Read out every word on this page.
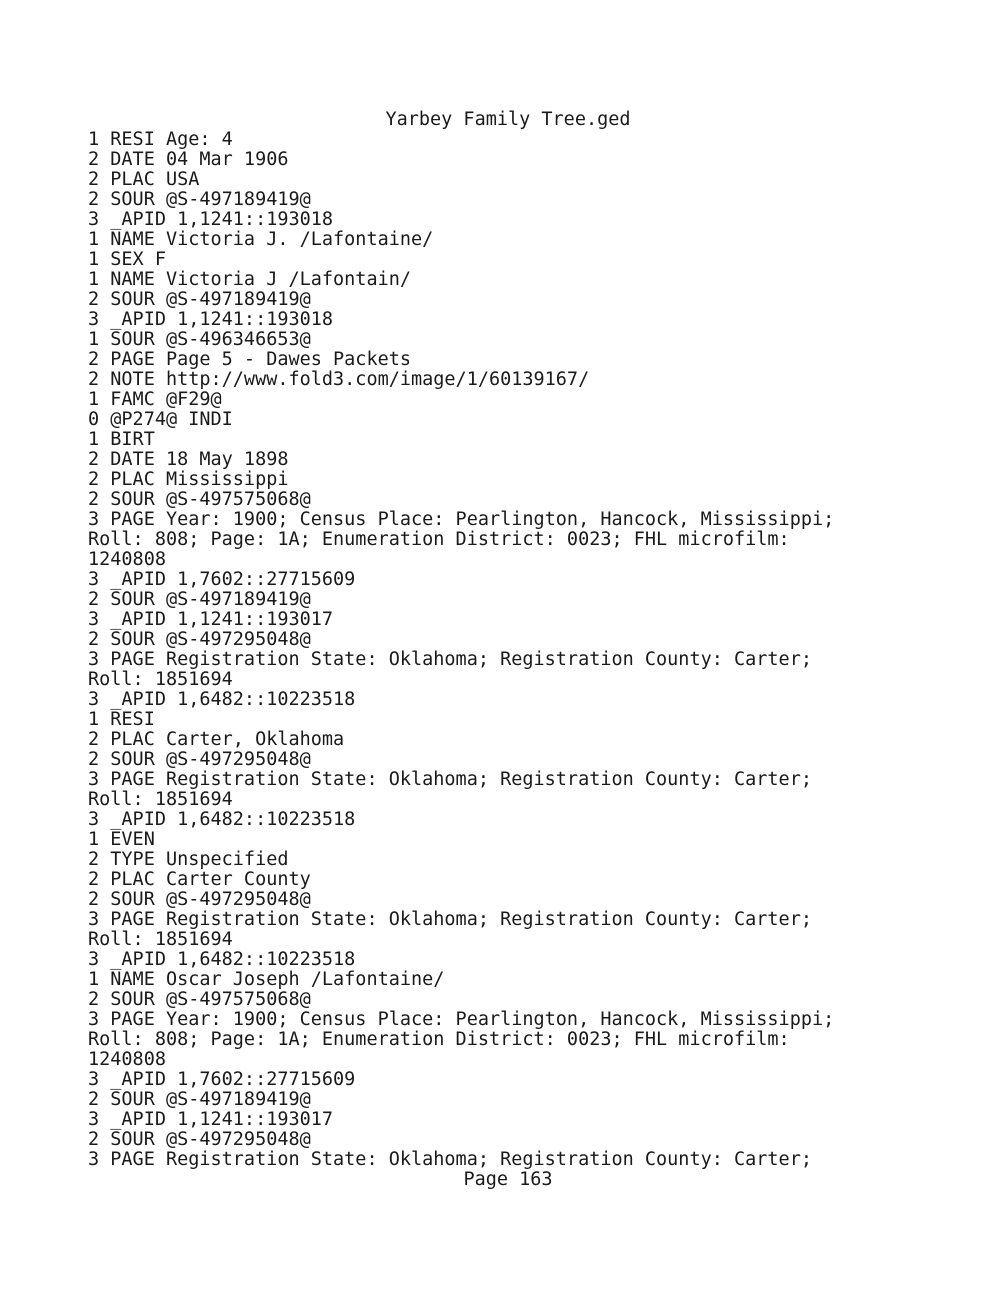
Yarbey Family Tree.ged
1 RESI Age: 4
2 DATE 04 Mar 1906
2 PLAC USA
2 SOUR @S-497189419@
3 _APID 1,1241::193018
1 NAME Victoria J. /Lafontaine/
1 SEX F
1 NAME Victoria J /Lafontain/
2 SOUR @S-497189419@
3 _APID 1,1241::193018
1 SOUR @S-496346653@
2 PAGE Page 5 - Dawes Packets
2 NOTE http://www.fold3.com/image/1/60139167/
1 FAMC @F29@
0 @P274@ INDI
1 BIRT
2 DATE 18 May 1898
2 PLAC Mississippi
2 SOUR @S-497575068@
3 PAGE Year: 1900; Census Place: Pearlington, Hancock, Mississippi;
Roll: 808; Page: 1A; Enumeration District: 0023; FHL microfilm:
1240808
3 _APID 1,7602::27715609
2 SOUR @S-497189419@
3 _APID 1,1241::193017
2 SOUR @S-497295048@
3 PAGE Registration State: Oklahoma; Registration County: Carter;
Roll: 1851694
3 _APID 1,6482::10223518
1 RESI
2 PLAC Carter, Oklahoma
2 SOUR @S-497295048@
3 PAGE Registration State: Oklahoma; Registration County: Carter;
Roll: 1851694
3 _APID 1,6482::10223518
1 EVEN
2 TYPE Unspecified
2 PLAC Carter County
2 SOUR @S-497295048@
3 PAGE Registration State: Oklahoma; Registration County: Carter;
Roll: 1851694
3 _APID 1,6482::10223518
1 NAME Oscar Joseph /Lafontaine/
2 SOUR @S-497575068@
3 PAGE Year: 1900; Census Place: Pearlington, Hancock, Mississippi;
Roll: 808; Page: 1A; Enumeration District: 0023; FHL microfilm:
1240808
3 _APID 1,7602::27715609
2 SOUR @S-497189419@
3 _APID 1,1241::193017
2 SOUR @S-497295048@
3 PAGE Registration State: Oklahoma; Registration County: Carter;
Page 163
